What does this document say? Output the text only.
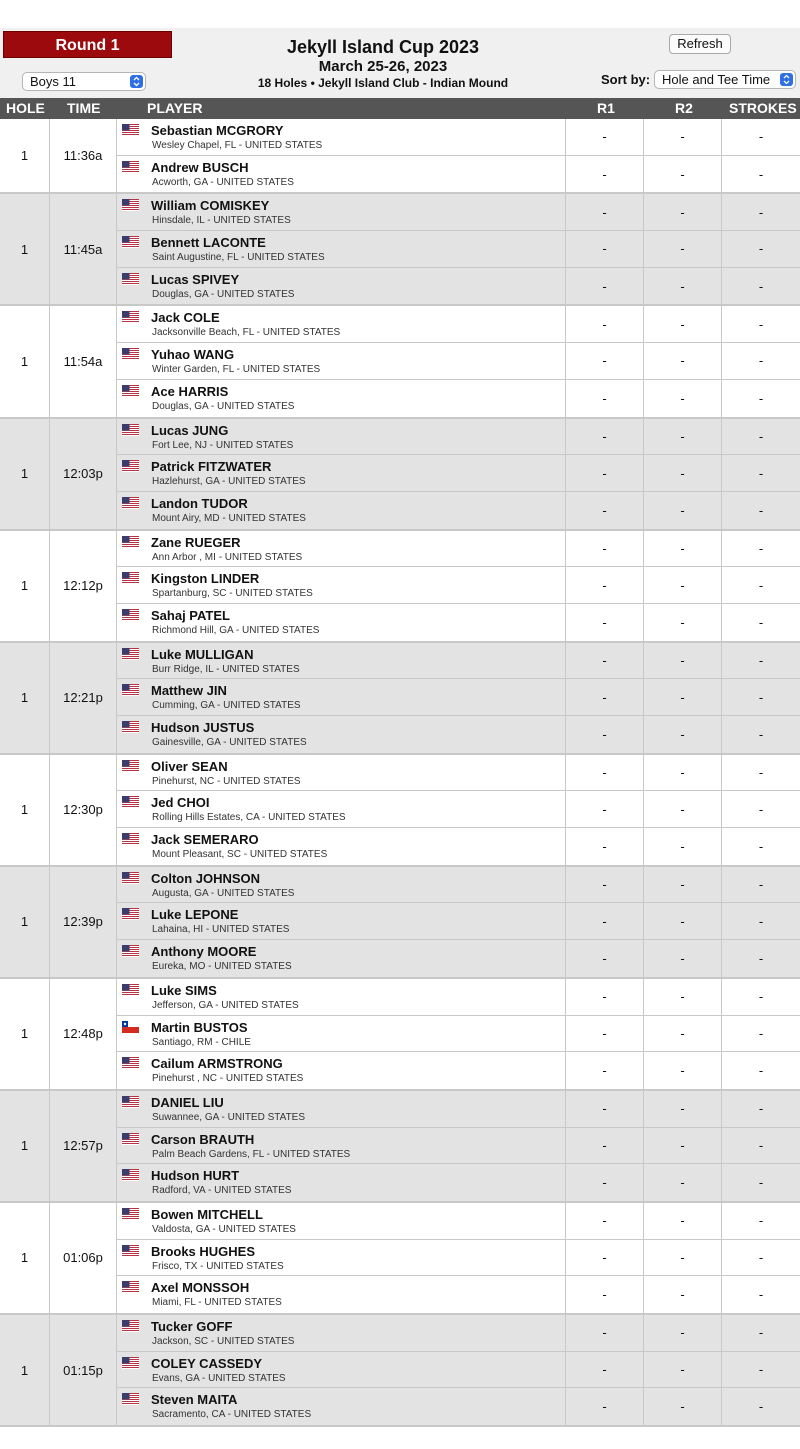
Round 1
Boys 11
Jekyll Island Cup 2023
March 25-26, 2023
18 Holes • Jekyll Island Club - Indian Mound
Refresh
Sort by: Hole and Tee Time
HOLE TIME	PLAYER	R1	R2	STROKES
1	11:36a
Sebastian MCGRORY
Wesley Chapel, FL - UNITED STATES
-	-	-
Andrew BUSCH
Acworth, GA - UNITED STATES
-	-	-
1	11:45a
William COMISKEY
Hinsdale, IL - UNITED STATES
-	-	-
Bennett LACONTE
Saint Augustine, FL - UNITED STATES
-	-	-
Lucas SPIVEY
Douglas, GA - UNITED STATES
-	-	-
1	11:54a
Jack COLE
Jacksonville Beach, FL - UNITED STATES
-	-	-
Yuhao WANG
Winter Garden, FL - UNITED STATES
-	-	-
Ace HARRIS
Douglas, GA - UNITED STATES
-	-	-
1	12:03p
Lucas JUNG
Fort Lee, NJ - UNITED STATES
-	-	-
Patrick FITZWATER
Hazlehurst, GA - UNITED STATES
-	-	-
Landon TUDOR
Mount Airy, MD - UNITED STATES
-	-	-
1	12:12p
Zane RUEGER
Ann Arbor , MI - UNITED STATES
-	-	-
Kingston LINDER
Spartanburg, SC - UNITED STATES
-	-	-
Sahaj PATEL
Richmond Hill, GA - UNITED STATES
-	-	-
1	12:21p
Luke MULLIGAN
Burr Ridge, IL - UNITED STATES
-	-	-
Matthew JIN
Cumming, GA - UNITED STATES
-	-	-
Hudson JUSTUS
Gainesville, GA - UNITED STATES
-	-	-
1	12:30p
Oliver SEAN
Pinehurst, NC - UNITED STATES
-	-	-
Jed CHOI
Rolling Hills Estates, CA - UNITED STATES
-	-	-
Jack SEMERARO
Mount Pleasant, SC - UNITED STATES
-	-	-
1	12:39p
Colton JOHNSON
Augusta, GA - UNITED STATES
-	-	-
Luke LEPONE
Lahaina, HI - UNITED STATES
-	-	-
Anthony MOORE
Eureka, MO - UNITED STATES
-	-	-
1	12:48p
Luke SIMS
Jefferson, GA - UNITED STATES
-	-	-
Martin BUSTOS
Santiago, RM - CHILE
-	-	-
Cailum ARMSTRONG
Pinehurst , NC - UNITED STATES
-	-	-
1	12:57p
DANIEL LIU
Suwannee, GA - UNITED STATES
-	-	-
Carson BRAUTH
Palm Beach Gardens, FL - UNITED STATES
-	-	-
Hudson HURT
Radford, VA - UNITED STATES
-	-	-
1	01:06p
Bowen MITCHELL
Valdosta, GA - UNITED STATES
-	-	-
Brooks HUGHES
Frisco, TX - UNITED STATES
-	-	-
Axel MONSSOH
Miami, FL - UNITED STATES
-	-	-
1	01:15p
Tucker GOFF
Jackson, SC - UNITED STATES
-	-	-
COLEY CASSEDY
Evans, GA - UNITED STATES
-	-	-
Steven MAITA
Sacramento, CA - UNITED STATES
-	-	-
